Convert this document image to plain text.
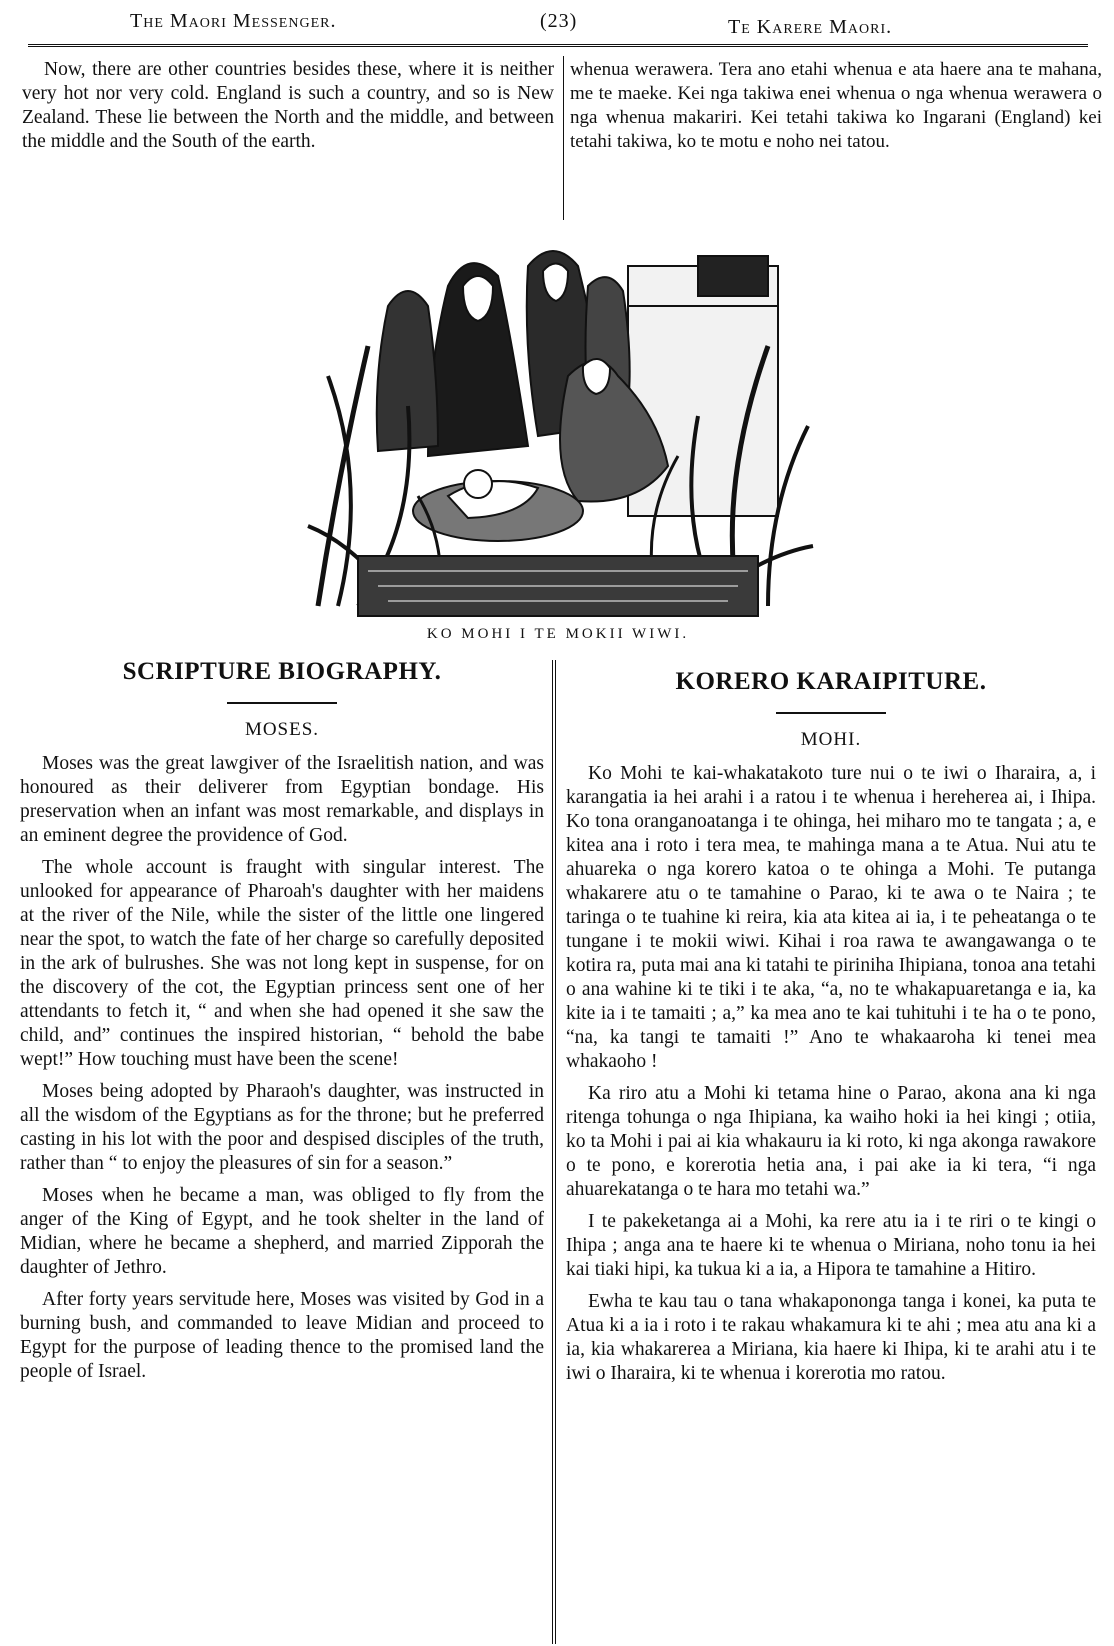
The Maori Messenger.	(23)	Te Karere Maori.

Now, there are other countries besides these, where it is neither very hot nor very cold. England is such a country, and so is New Zealand. These lie between the North and the middle, and between the middle and the South of the earth.

whenua werawera. Tera ano etahi whenua e ata haere ana te mahana, me te maeke. Kei nga takiwa enei whenua o nga whenua werawera o nga whenua makariri. Kei tetahi takiwa ko Ingarani (England) kei tetahi takiwa, ko te motu e noho nei tatou.

KO MOHI I TE MOKII WIWI.
SCRIPTURE BIOGRAPHY.
MOSES.

Moses was the great lawgiver of the Israelitish nation, and was honoured as their deliverer from Egyptian bondage. His preservation when an infant was most remarkable, and displays in an eminent degree the providence of God.

The whole account is fraught with singular interest. The unlooked for appearance of Pharoah's daughter with her maidens at the river of the Nile, while the sister of the little one lingered near the spot, to watch the fate of her charge so carefully deposited in the ark of bulrushes. She was not long kept in suspense, for on the discovery of the cot, the Egyptian princess sent one of her attendants to fetch it, “ and when she had opened it she saw the child, and” continues the inspired historian, “ behold the babe wept!” How touching must have been the scene!

Moses being adopted by Pharaoh's daughter, was instructed in all the wisdom of the Egyptians as for the throne; but he preferred casting in his lot with the poor and despised disciples of the truth, rather than “ to enjoy the pleasures of sin for a season.”

Moses when he became a man, was obliged to fly from the anger of the King of Egypt, and he took shelter in the land of Midian, where he became a shepherd, and married Zipporah the daughter of Jethro.

After forty years servitude here, Moses was visited by God in a burning bush, and commanded to leave Midian and proceed to Egypt for the purpose of leading thence to the promised land the people of Israel.

KORERO KARAIPITURE.
MOHI.

Ko Mohi te kai-whakatakoto ture nui o te iwi o Iharaira, a, i karangatia ia hei arahi i a ratou i te whenua i hereherea ai, i Ihipa. Ko tona oranganoatanga i te ohinga, hei miharo mo te tangata ; a, e kitea ana i roto i tera mea, te mahinga mana a te Atua. Nui atu te ahuareka o nga korero katoa o te ohinga a Mohi. Te putanga whakarere atu o te tamahine o Parao, ki te awa o te Naira ; te taringa o te tuahine ki reira, kia ata kitea ai ia, i te peheatanga o te tungane i te mokii wiwi. Kihai i roa rawa te awangawanga o te kotira ra, puta mai ana ki tatahi te piriniha Ihipiana, tonoa ana tetahi o ana wahine ki te tiki i te aka, “a, no te whakapuaretanga e ia, ka kite ia i te tamaiti ; a,” ka mea ano te kai tuhituhi i te ha o te pono, “na, ka tangi te tamaiti !” Ano te whakaaroha ki tenei mea whakaoho !

Ka riro atu a Mohi ki tetama hine o Parao, akona ana ki nga ritenga tohunga o nga Ihipiana, ka waiho hoki ia hei kingi ; otiia, ko ta Mohi i pai ai kia whakauru ia ki roto, ki nga akonga rawakore o te pono, e korerotia hetia ana, i pai ake ia ki tera, “i nga ahuarekatanga o te hara mo tetahi wa.”

I te pakeketanga ai a Mohi, ka rere atu ia i te riri o te kingi o Ihipa ; anga ana te haere ki te whenua o Miriana, noho tonu ia hei kai tiaki hipi, ka tukua ki a ia, a Hipora te tamahine a Hitiro.

Ewha te kau tau o tana whakapononga tanga i konei, ka puta te Atua ki a ia i roto i te rakau whakamura ki te ahi ; mea atu ana ki a ia, kia whakarerea a Miriana, kia haere ki Ihipa, ki te arahi atu i te iwi o Iharaira, ki te whenua i korerotia mo ratou.
